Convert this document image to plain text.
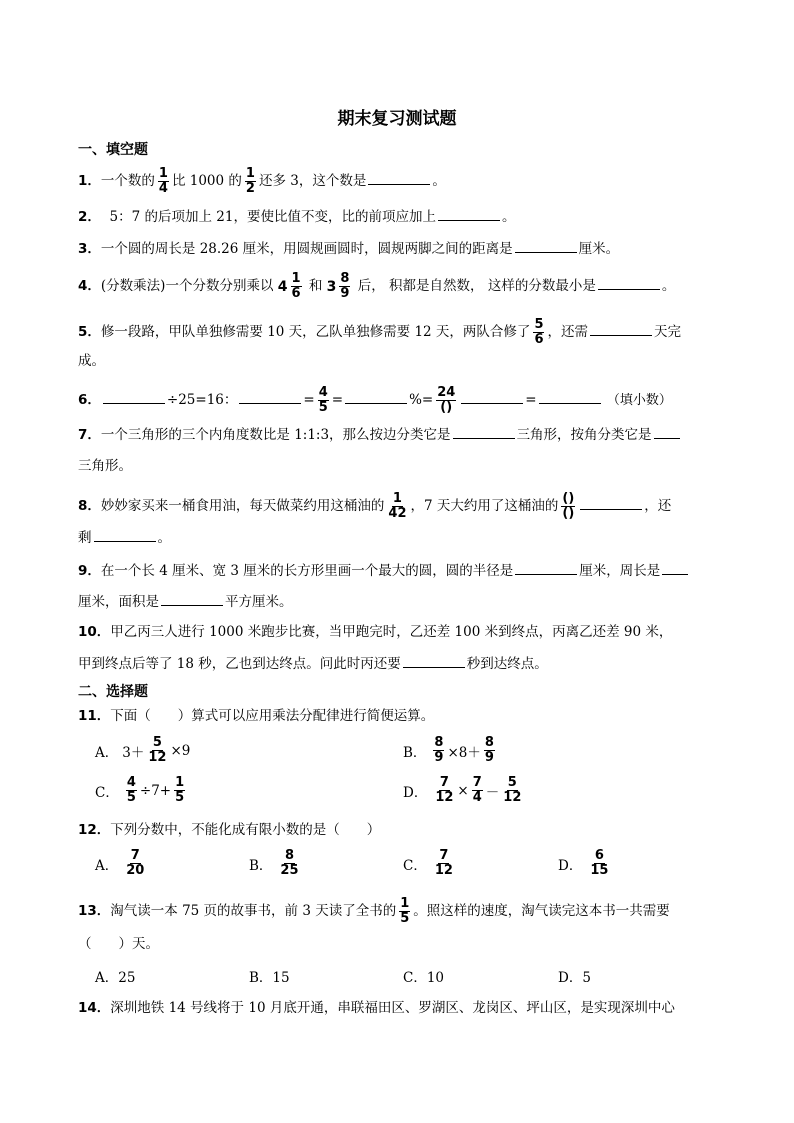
期末复习测试题
一、填空题
1．一个数的 $\frac{1}{4}$ 比 1000 的 $\frac{1}{2}$ 还多 3，这个数是	。
2． 5：7 的后项加上 21，要使比值不变，比的前项应加上	。
3．一个圆的周长是 28.26 厘米，用圆规画圆时，圆规两脚之间的距离是	厘米。
4．(分数乘法)一个分数分别乘以 $4 \frac{1}{6}$ 和 $3 \frac{8}{9}$ 后， 积都是自然数， 这样的分数最小是	。
5．修一段路，甲队单独修需要 10 天，乙队单独修需要 12 天，两队合修了 $\frac{5}{6}$ ，还需	天完
成。
6．	÷25=16：	= $\frac{4}{5}$ =	%= $\frac{24}{()}$	=	（填小数）
7．一个三角形的三个内角度数比是 1:1:3，那么按边分类它是	三角形，按角分类它是
三角形。
8．妙妙家买来一桶食用油，每天做菜约用这桶油的 $\frac{1}{42}$ ，7 天大约用了这桶油的 $\frac{()}{()}$	，还
剩	。
9．在一个长 4 厘米、宽 3 厘米的长方形里画一个最大的圆，圆的半径是	厘米，周长是
厘米，面积是	平方厘米。
10．甲乙丙三人进行 1000 米跑步比赛，当甲跑完时，乙还差 100 米到终点，丙离乙还差 90 米，
甲到终点后等了 18 秒，乙也到达终点。问此时丙还要	秒到达终点。
二、选择题
11．下面（　　）算式可以应用乘法分配律进行简便运算。
A． $3+ \frac{5}{12} \times 9$	B． $\frac{8}{9} \times 8+ \frac{8}{9}$
C． $\frac{4}{5} \div 7+ \frac{1}{5}$	D． $\frac{7}{12} \times \frac{7}{4} - \frac{5}{12}$
12．下列分数中，不能化成有限小数的是（　　）
A． $\frac{7}{20}$	B． $\frac{8}{25}$	C． $\frac{7}{12}$	D． $\frac{6}{15}$
13．淘气读一本 75 页的故事书，前 3 天读了全书的 $\frac{1}{5}$ 。照这样的速度，淘气读完这本书一共需要
（　　）天。
A．25	B．15	C．10	D．5
14．深圳地铁 14 号线将于 10 月底开通，串联福田区、罗湖区、龙岗区、坪山区，是实现深圳中心
